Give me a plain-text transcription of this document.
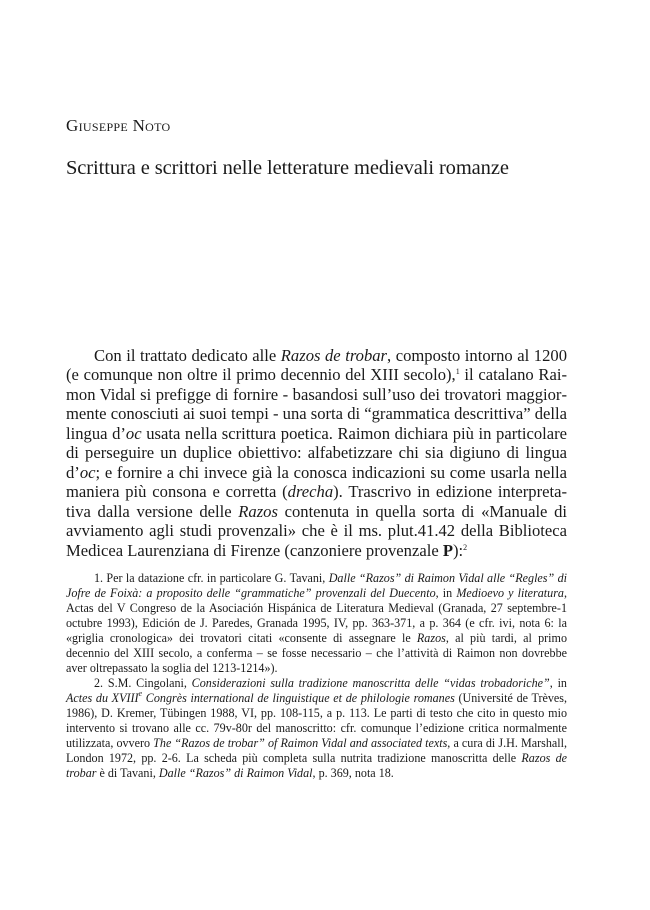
Giuseppe Noto
Scrittura e scrittori nelle letterature medievali romanze

Con il trattato dedicato alle Razos de trobar, composto intorno al 1200 (e comunque non oltre il primo decennio del XIII secolo),$^1$ il catalano Raimon Vidal si prefigge di fornire - basandosi sull’uso dei trovatori maggiormente conosciuti ai suoi tempi - una sorta di “grammatica descrittiva” della lingua d’oc usata nella scrittura poetica. Raimon dichiara più in particolare di perseguire un duplice obiettivo: alfabetizzare chi sia digiuno di lingua d’oc; e fornire a chi invece già la conosca indicazioni su come usarla nella maniera più consona e corretta (drecha). Trascrivo in edizione interpretativa dalla versione delle Razos contenuta in quella sorta di «Manuale di avviamento agli studi provenzali» che è il ms. plut.41.42 della Biblioteca Medicea Laurenziana di Firenze (canzoniere provenzale P):$^2$

1. Per la datazione cfr. in particolare G. Tavani, Dalle “Razos” di Raimon Vidal alle “Regles” di Jofre de Foixà: a proposito delle “grammatiche” provenzali del Duecento, in Medioevo y literatura, Actas del V Congreso de la Asociación Hispánica de Literatura Medieval (Granada, 27 septembre-1 octubre 1993), Edición de J. Paredes, Granada 1995, IV, pp. 363-371, a p. 364 (e cfr. ivi, nota 6: la «griglia cronologica» dei trovatori citati «consente di assegnare le Razos, al più tardi, al primo decennio del XIII secolo, a conferma – se fosse necessario – che l’attività di Raimon non dovrebbe aver oltrepassato la soglia del 1213-1214»).

2. S.M. Cingolani, Considerazioni sulla tradizione manoscritta delle “vidas trobadoriche”, in Actes du XVIIIe Congrès international de linguistique et de philologie romanes (Université de Trèves, 1986), D. Kremer, Tübingen 1988, VI, pp. 108-115, a p. 113. Le parti di testo che cito in questo mio intervento si trovano alle cc. 79v-80r del manoscritto: cfr. comunque l’edizione critica normalmente utilizzata, ovvero The “Razos de trobar” of Raimon Vidal and associated texts, a cura di J.H. Marshall, London 1972, pp. 2-6. La scheda più completa sulla nutrita tradizione manoscritta delle Razos de trobar è di Tavani, Dalle “Razos” di Raimon Vidal, p. 369, nota 18.
